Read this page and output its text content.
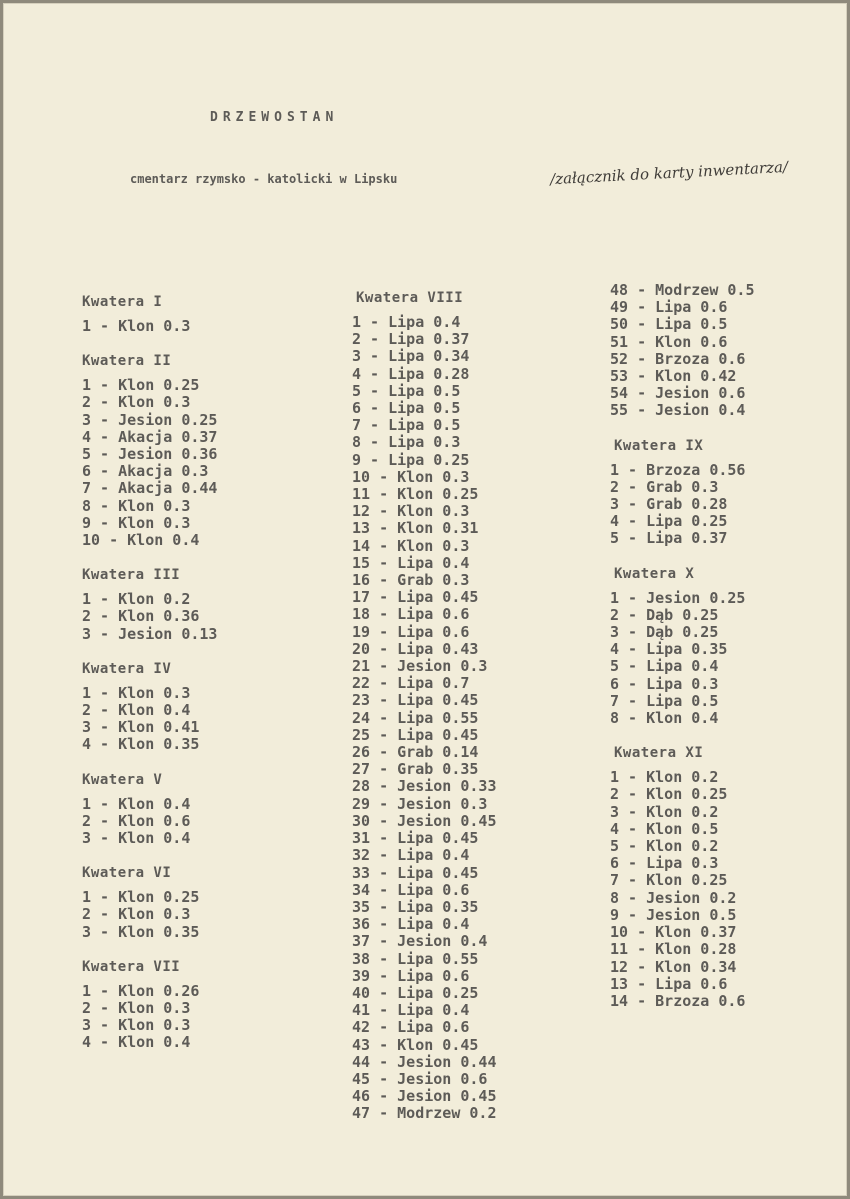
DRZEWOSTAN
cmentarz rzymsko - katolicki w Lipsku	/załącznik do karty inwentarza/
Kwatera I
1 - Klon 0.3
Kwatera II
1 - Klon 0.25
2 - Klon 0.3
3 - Jesion 0.25
4 - Akacja 0.37
5 - Jesion 0.36
6 - Akacja 0.3
7 - Akacja 0.44
8 - Klon 0.3
9 - Klon 0.3
10 - Klon 0.4
Kwatera III
1 - Klon 0.2
2 - Klon 0.36
3 - Jesion 0.13
Kwatera IV
1 - Klon 0.3
2 - Klon 0.4
3 - Klon 0.41
4 - Klon 0.35
Kwatera V
1 - Klon 0.4
2 - Klon 0.6
3 - Klon 0.4
Kwatera VI
1 - Klon 0.25
2 - Klon 0.3
3 - Klon 0.35
Kwatera VII
1 - Klon 0.26
2 - Klon 0.3
3 - Klon 0.3
4 - Klon 0.4
Kwatera VIII
1 - Lipa 0.4
2 - Lipa 0.37
3 - Lipa 0.34
4 - Lipa 0.28
5 - Lipa 0.5
6 - Lipa 0.5
7 - Lipa 0.5
8 - Lipa 0.3
9 - Lipa 0.25
10 - Klon 0.3
11 - Klon 0.25
12 - Klon 0.3
13 - Klon 0.31
14 - Klon 0.3
15 - Lipa 0.4
16 - Grab 0.3
17 - Lipa 0.45
18 - Lipa 0.6
19 - Lipa 0.6
20 - Lipa 0.43
21 - Jesion 0.3
22 - Lipa 0.7
23 - Lipa 0.45
24 - Lipa 0.55
25 - Lipa 0.45
26 - Grab 0.14
27 - Grab 0.35
28 - Jesion 0.33
29 - Jesion 0.3
30 - Jesion 0.45
31 - Lipa 0.45
32 - Lipa 0.4
33 - Lipa 0.45
34 - Lipa 0.6
35 - Lipa 0.35
36 - Lipa 0.4
37 - Jesion 0.4
38 - Lipa 0.55
39 - Lipa 0.6
40 - Lipa 0.25
41 - Lipa 0.4
42 - Lipa 0.6
43 - Klon 0.45
44 - Jesion 0.44
45 - Jesion 0.6
46 - Jesion 0.45
47 - Modrzew 0.2
48 - Modrzew 0.5
49 - Lipa 0.6
50 - Lipa 0.5
51 - Klon 0.6
52 - Brzoza 0.6
53 - Klon 0.42
54 - Jesion 0.6
55 - Jesion 0.4
Kwatera IX
1 - Brzoza 0.56
2 - Grab 0.3
3 - Grab 0.28
4 - Lipa 0.25
5 - Lipa 0.37
Kwatera X
1 - Jesion 0.25
2 - Dąb 0.25
3 - Dąb 0.25
4 - Lipa 0.35
5 - Lipa 0.4
6 - Lipa 0.3
7 - Lipa 0.5
8 - Klon 0.4
Kwatera XI
1 - Klon 0.2
2 - Klon 0.25
3 - Klon 0.2
4 - Klon 0.5
5 - Klon 0.2
6 - Lipa 0.3
7 - Klon 0.25
8 - Jesion 0.2
9 - Jesion 0.5
10 - Klon 0.37
11 - Klon 0.28
12 - Klon 0.34
13 - Lipa 0.6
14 - Brzoza 0.6
